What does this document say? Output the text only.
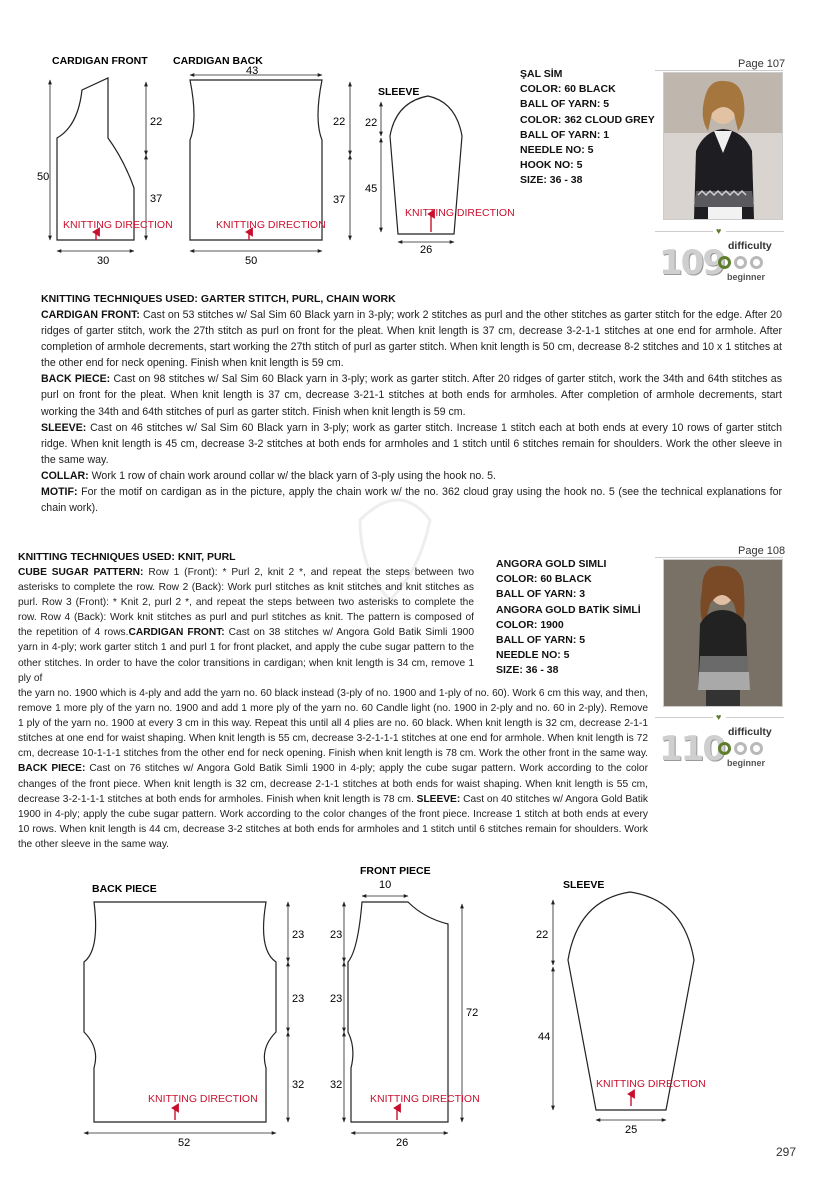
CARDIGAN FRONT CARDIGAN BACK
SLEEVE
50
22
37
30
KNITTING DIRECTION
43
22
37
50
KNITTING DIRECTION
22
45
26
KNITTING DIRECTION
BACK PIECE
FRONT PIECE
SLEEVE
23
23
32
52
KNITTING DIRECTION
10
23
23
32
72
26
KNITTING DIRECTION
22
44
25
KNITTING DIRECTION
Page 107
ŞAL SİM
COLOR: 60 BLACK
BALL OF YARN: 5
COLOR: 362 CLOUD GREY
BALL OF YARN: 1
NEEDLE NO: 5
HOOK NO: 5
SIZE: 36 - 38
♥
difficulty
109 beginner
KNITTING TECHNIQUES USED: GARTER STITCH, PURL, CHAIN WORK

CARDIGAN FRONT: Cast on 53 stitches w/ Sal Sim 60 Black yarn in 3-ply; work 2 stitches as purl and the other stitches as garter stitch for the edge. After 20 ridges of garter stitch, work the 27th stitch as purl on front for the pleat. When knit length is 37 cm, decrease 3-2-1-1 stitches at one end for armhole. After completion of armhole decrements, start working the 27th stitch of purl as garter stitch. When knit length is 50 cm, decrease 8-2 stitches and 10 x 1 stitches at the other end for neck opening. Finish when knit length is 59 cm.

BACK PIECE: Cast on 98 stitches w/ Sal Sim 60 Black yarn in 3-ply; work as garter stitch. After 20 ridges of garter stitch, work the 34th and 64th stitches as purl on front for the pleat. When knit length is 37 cm, decrease 3-21-1 stitches at both ends for armholes. After completion of armhole decrements, start working the 34th and 64th stitches of purl as garter stitch. Finish when knit length is 59 cm.

SLEEVE: Cast on 46 stitches w/ Sal Sim 60 Black yarn in 3-ply; work as garter stitch. Increase 1 stitch each at both ends at every 10 rows of garter stitch ridge. When knit length is 45 cm, decrease 3-2 stitches at both ends for armholes and 1 stitch until 6 stitches remain for shoulders. Work the other sleeve in the same way.

COLLAR: Work 1 row of chain work around collar w/ the black yarn of 3-ply using the hook no. 5.

MOTIF: For the motif on cardigan as in the picture, apply the chain work w/ the no. 362 cloud gray using the hook no. 5 (see the technical explanations for chain work).

Page 108
ANGORA GOLD SIMLI
COLOR: 60 BLACK
BALL OF YARN: 3
ANGORA GOLD BATİK SİMLİ
COLOR: 1900
BALL OF YARN: 5
NEEDLE NO: 5
SIZE: 36 - 38
♥
difficulty
110 beginner
KNITTING TECHNIQUES USED: KNIT, PURL

CUBE SUGAR PATTERN: Row 1 (Front): * Purl 2, knit 2 *, and repeat the steps between two asterisks to complete the row. Row 2 (Back): Work purl stitches as knit stitches and knit stitches as purl. Row 3 (Front): * Knit 2, purl 2 *, and repeat the steps between two asterisks to complete the row. Row 4 (Back): Work knit stitches as purl and purl stitches as knit. The pattern is composed of the repetition of 4 rows.CARDIGAN FRONT: Cast on 38 stitches w/ Angora Gold Batik Simli 1900 yarn in 4-ply; work garter stitch 1 and purl 1 for front placket, and apply the cube sugar pattern to the other stitches. In order to have the color transitions in cardigan; when knit length is 34 cm, remove 1 ply of

the yarn no. 1900 which is 4-ply and add the yarn no. 60 black instead (3-ply of no. 1900 and 1-ply of no. 60). Work 6 cm this way, and then, remove 1 more ply of the yarn no. 1900 and add 1 more ply of the yarn no. 60 Candle light (no. 1900 in 2-ply and no. 60 in 2-ply). Remove 1 ply of the yarn no. 1900 at every 3 cm in this way. Repeat this until all 4 plies are no. 60 black. When knit length is 32 cm, decrease 2-1-1 stitches at one end for waist shaping. When knit length is 55 cm, decrease 3-2-1-1-1 stitches at one end for armhole. When knit length is 72 cm, decrease 10-1-1-1 stitches from the other end for neck opening. Finish when knit length is 78 cm. Work the other front in the same way. BACK PIECE: Cast on 76 stitches w/ Angora Gold Batik Simli 1900 in 4-ply; apply the cube sugar pattern. Work according to the color changes of the front piece. When knit length is 32 cm, decrease 2-1-1 stitches at both ends for waist shaping. When knit length is 55 cm, decrease 3-2-1-1-1 stitches at both ends for armholes. Finish when knit length is 78 cm. SLEEVE: Cast on 40 stitches w/ Angora Gold Batik 1900 in 4-ply; apply the cube sugar pattern. Work according to the color changes of the front piece. Increase 1 stitch at both ends at every 10 rows. When knit length is 44 cm, decrease 3-2 stitches at both ends for armholes and 1 stitch until 6 stitches remain for shoulders. Work the other sleeve in the same way.

297
